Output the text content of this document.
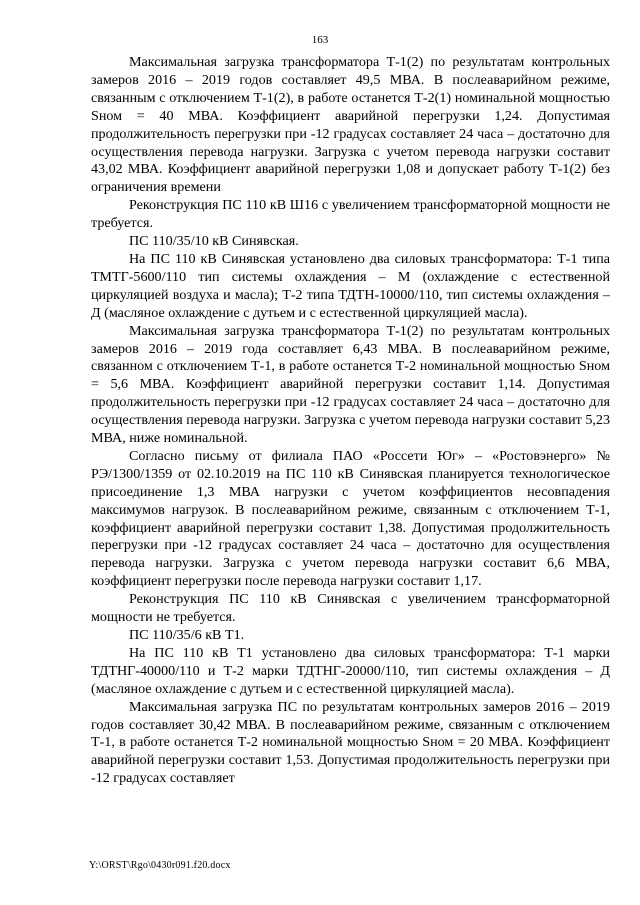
163

Максимальная загрузка трансформатора Т-1(2) по результатам контрольных замеров 2016 – 2019 годов составляет 49,5 МВА. В послеаварийном режиме, связанным с отключением Т-1(2), в работе останется Т-2(1) номинальной мощностью Sном = 40 МВА. Коэффициент аварийной перегрузки 1,24. Допустимая продолжительность перегрузки при -12 градусах составляет 24 часа – достаточно для осуществления перевода нагрузки. Загрузка с учетом перевода нагрузки составит 43,02 МВА. Коэффициент аварийной перегрузки 1,08 и допускает работу Т-1(2) без ограничения времени

Реконструкция ПС 110 кВ Ш16 с увеличением трансформаторной мощности не требуется.

ПС 110/35/10 кВ Синявская.

На ПС 110 кВ Синявская установлено два силовых трансформатора: Т-1 типа ТМТГ-5600/110 тип системы охлаждения – М (охлаждение с естественной циркуляцией воздуха и масла); Т-2 типа ТДТН-10000/110, тип системы охлаждения – Д (масляное охлаждение с дутьем и с естественной циркуляцией масла).

Максимальная загрузка трансформатора Т-1(2) по результатам контрольных замеров 2016 – 2019 года составляет 6,43 МВА. В послеаварийном режиме, связанном с отключением Т-1, в работе останется Т-2 номинальной мощностью Sном = 5,6 МВА. Коэффициент аварийной перегрузки составит 1,14. Допустимая продолжительность перегрузки при -12 градусах составляет 24 часа – достаточно для осуществления перевода нагрузки. Загрузка с учетом перевода нагрузки составит 5,23 МВА, ниже номинальной.

Согласно письму от филиала ПАО «Россети Юг» – «Ростовэнерго» № РЭ/1300/1359 от 02.10.2019 на ПС 110 кВ Синявская планируется технологическое присоединение 1,3 МВА нагрузки с учетом коэффициентов несовпадения максимумов нагрузок. В послеаварийном режиме, связанным с отключением Т-1, коэффициент аварийной перегрузки составит 1,38. Допустимая продолжительность перегрузки при -12 градусах составляет 24 часа – достаточно для осуществления перевода нагрузки. Загрузка с учетом перевода нагрузки составит 6,6 МВА, коэффициент перегрузки после перевода нагрузки составит 1,17.

Реконструкция ПС 110 кВ Синявская с увеличением трансформаторной мощности не требуется.

ПС 110/35/6 кВ Т1.

На ПС 110 кВ Т1 установлено два силовых трансформатора: Т-1 марки ТДТНГ-40000/110 и Т-2 марки ТДТНГ-20000/110, тип системы охлаждения – Д (масляное охлаждение с дутьем и с естественной циркуляцией масла).

Максимальная загрузка ПС по результатам контрольных замеров 2016 – 2019 годов составляет 30,42 МВА. В послеаварийном режиме, связанным с отключением Т-1, в работе останется Т-2 номинальной мощностью Sном = 20 МВА. Коэффициент аварийной перегрузки составит 1,53. Допустимая продолжительность перегрузки при -12 градусах составляет

Y:\ORST\Rgo\0430r091.f20.docx
